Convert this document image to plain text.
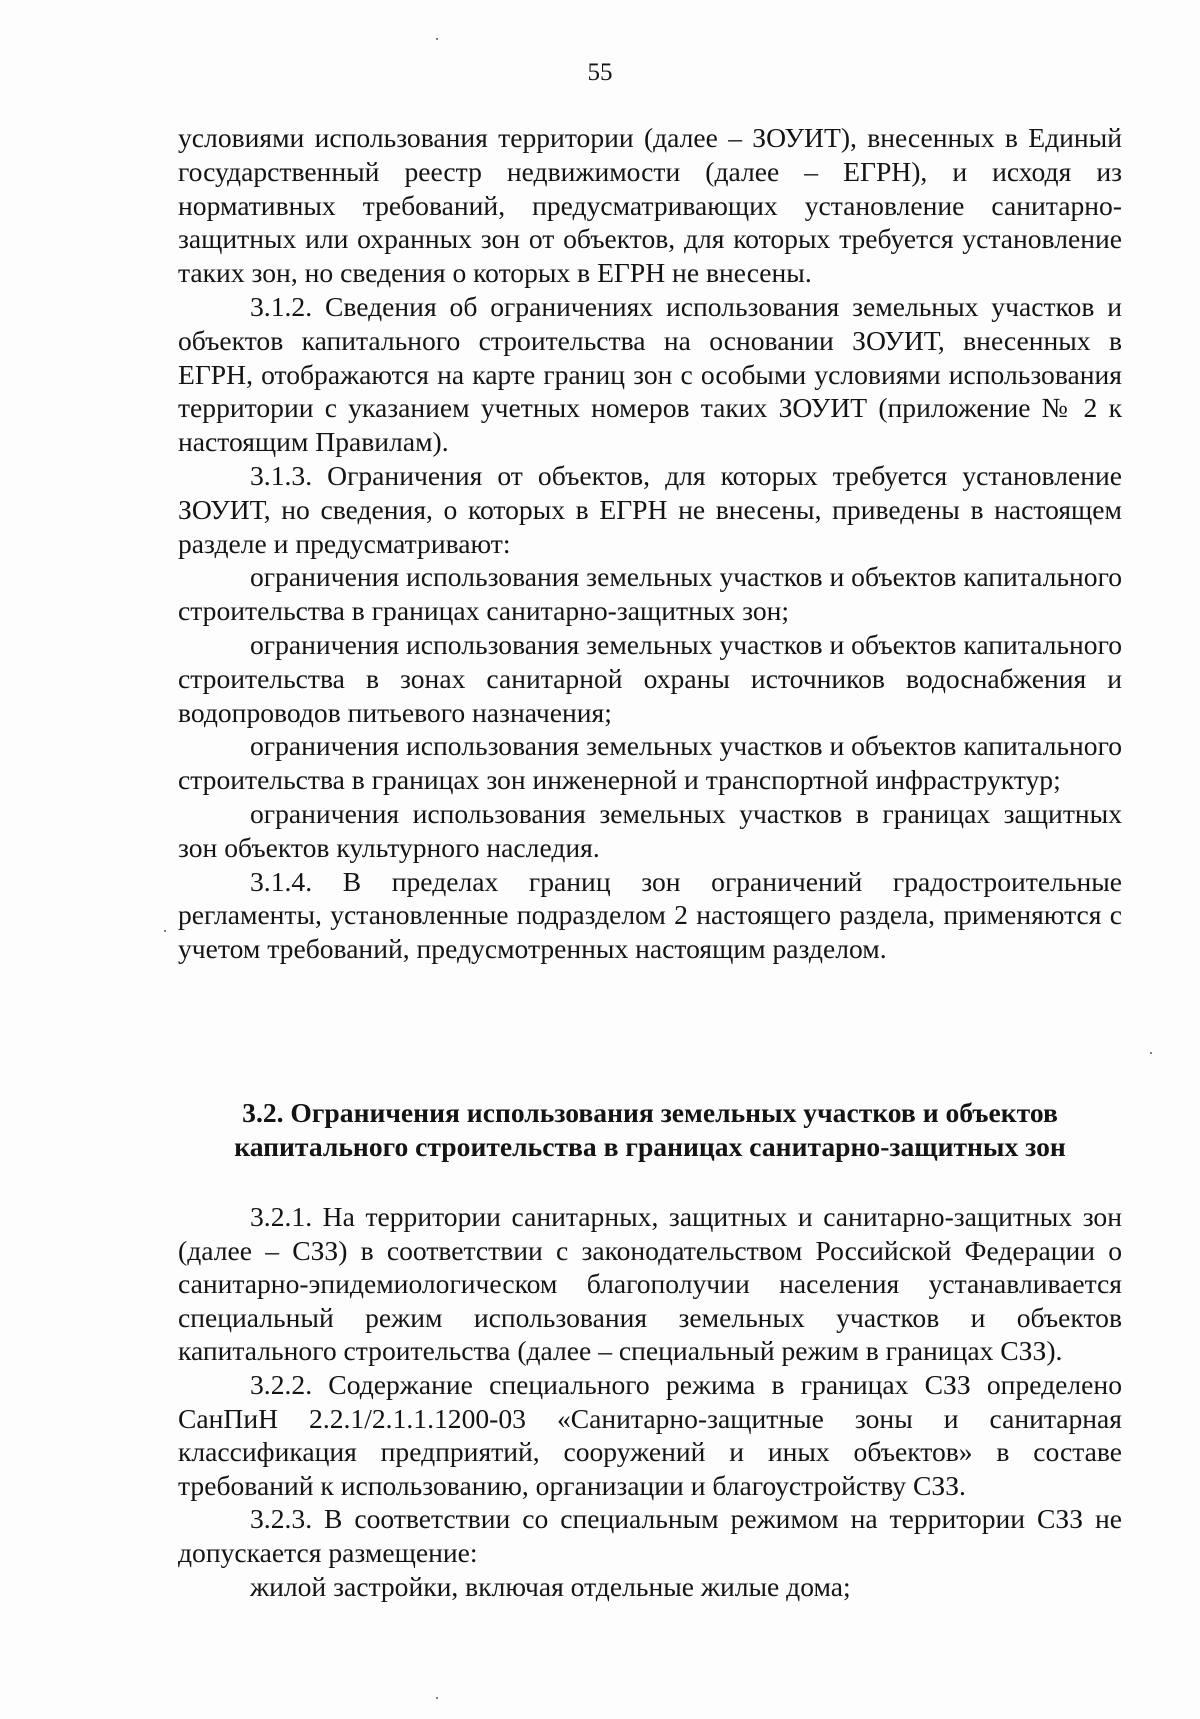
55

условиями использования территории (далее – ЗОУИТ), внесенных в Единый государственный реестр недвижимости (далее – ЕГРН), и исходя из нормативных требований, предусматривающих установление санитарно-защитных или охранных зон от объектов, для которых требуется установление таких зон, но сведения о которых в ЕГРН не внесены.

3.1.2. Сведения об ограничениях использования земельных участков и объектов капитального строительства на основании ЗОУИТ, внесенных в ЕГРН, отображаются на карте границ зон с особыми условиями использования территории с указанием учетных номеров таких ЗОУИТ (приложение № 2 к настоящим Правилам).

3.1.3. Ограничения от объектов, для которых требуется установление ЗОУИТ, но сведения, о которых в ЕГРН не внесены, приведены в настоящем разделе и предусматривают:

ограничения использования земельных участков и объектов капитального строительства в границах санитарно-защитных зон;

ограничения использования земельных участков и объектов капитального строительства в зонах санитарной охраны источников водоснабжения и водопроводов питьевого назначения;

ограничения использования земельных участков и объектов капитального строительства в границах зон инженерной и транспортной инфраструктур;

ограничения использования земельных участков в границах защитных зон объектов культурного наследия.

3.1.4. В пределах границ зон ограничений градостроительные регламенты, установленные подразделом 2 настоящего раздела, применяются с учетом требований, предусмотренных настоящим разделом.

3.2. Ограничения использования земельных участков и объектов
капитального строительства в границах санитарно-защитных зон

3.2.1. На территории санитарных, защитных и санитарно-защитных зон (далее – СЗЗ) в соответствии с законодательством Российской Федерации о санитарно-эпидемиологическом благополучии населения устанавливается специальный режим использования земельных участков и объектов капитального строительства (далее – специальный режим в границах СЗЗ).

3.2.2. Содержание специального режима в границах СЗЗ определено СанПиН 2.2.1/2.1.1.1200-03 «Санитарно-защитные зоны и санитарная классификация предприятий, сооружений и иных объектов» в составе требований к использованию, организации и благоустройству СЗЗ.

3.2.3. В соответствии со специальным режимом на территории СЗЗ не допускается размещение:

жилой застройки, включая отдельные жилые дома;
